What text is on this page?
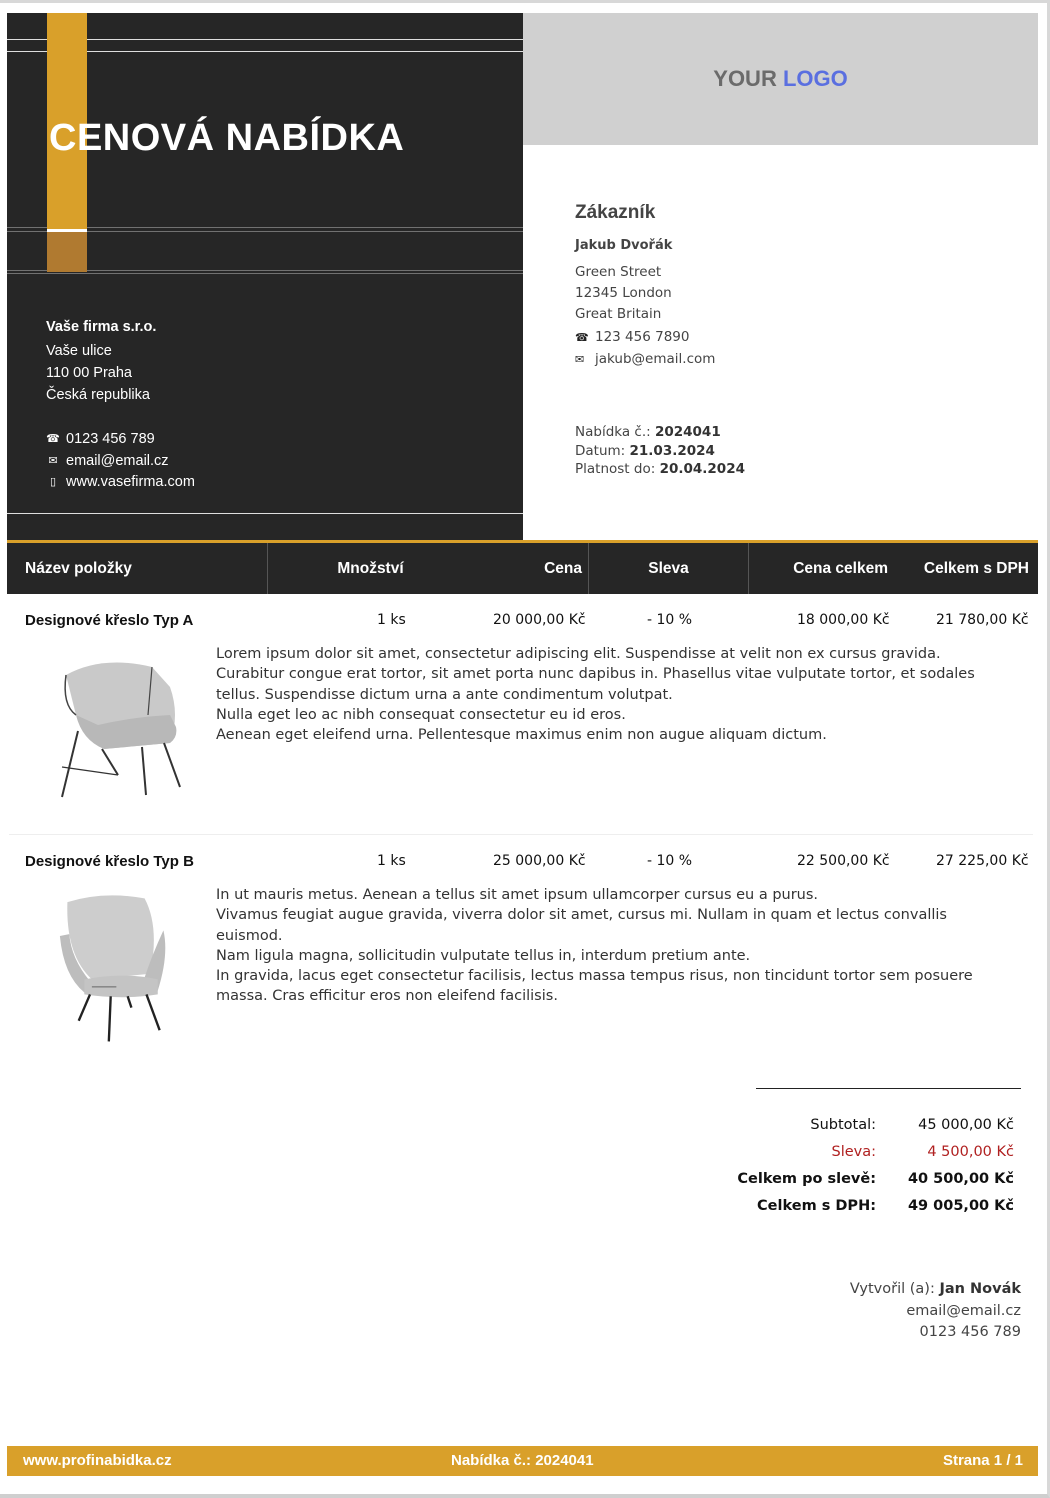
CENOVÁ NABÍDKA
Vaše firma s.r.o.
Vaše ulice
110 00 Praha
Česká republika
☎ 0123 456 789
✉ email@email.cz
▯ www.vasefirma.com
YOUR LOGO
Zákazník
Jakub Dvořák
Green Street
12345 London
Great Britain
☎ 123 456 7890
✉ jakub@email.com
Nabídka č.: 2024041
Datum: 21.03.2024
Platnost do: 20.04.2024
Název položky	Množství	Cena	Sleva	Cena celkem	Celkem s DPH
Designové křeslo Typ A	1 ks	20 000,00 Kč	- 10 %	18 000,00 Kč	21 780,00 Kč
Lorem ipsum dolor sit amet, consectetur adipiscing elit. Suspendisse at velit non ex cursus gravida.
Curabitur congue erat tortor, sit amet porta nunc dapibus in. Phasellus vitae vulputate tortor, et sodales
tellus. Suspendisse dictum urna a ante condimentum volutpat.
Nulla eget leo ac nibh consequat consectetur eu id eros.
Aenean eget eleifend urna. Pellentesque maximus enim non augue aliquam dictum.
Designové křeslo Typ B	1 ks	25 000,00 Kč	- 10 %	22 500,00 Kč	27 225,00 Kč
In ut mauris metus. Aenean a tellus sit amet ipsum ullamcorper cursus eu a purus.
Vivamus feugiat augue gravida, viverra dolor sit amet, cursus mi. Nullam in quam et lectus convallis euismod.
Nam ligula magna, sollicitudin vulputate tellus in, interdum pretium ante.
In gravida, lacus eget consectetur facilisis, lectus massa tempus risus, non tincidunt tortor sem posuere
massa. Cras efficitur eros non eleifend facilisis.
Subtotal:	45 000,00 Kč
Sleva:	4 500,00 Kč
Celkem po slevě: 40 500,00 Kč
Celkem s DPH: 49 005,00 Kč
Vytvořil (a): Jan Novák
email@email.cz
0123 456 789
www.profinabidka.cz	Nabídka č.: 2024041	Strana 1 / 1
